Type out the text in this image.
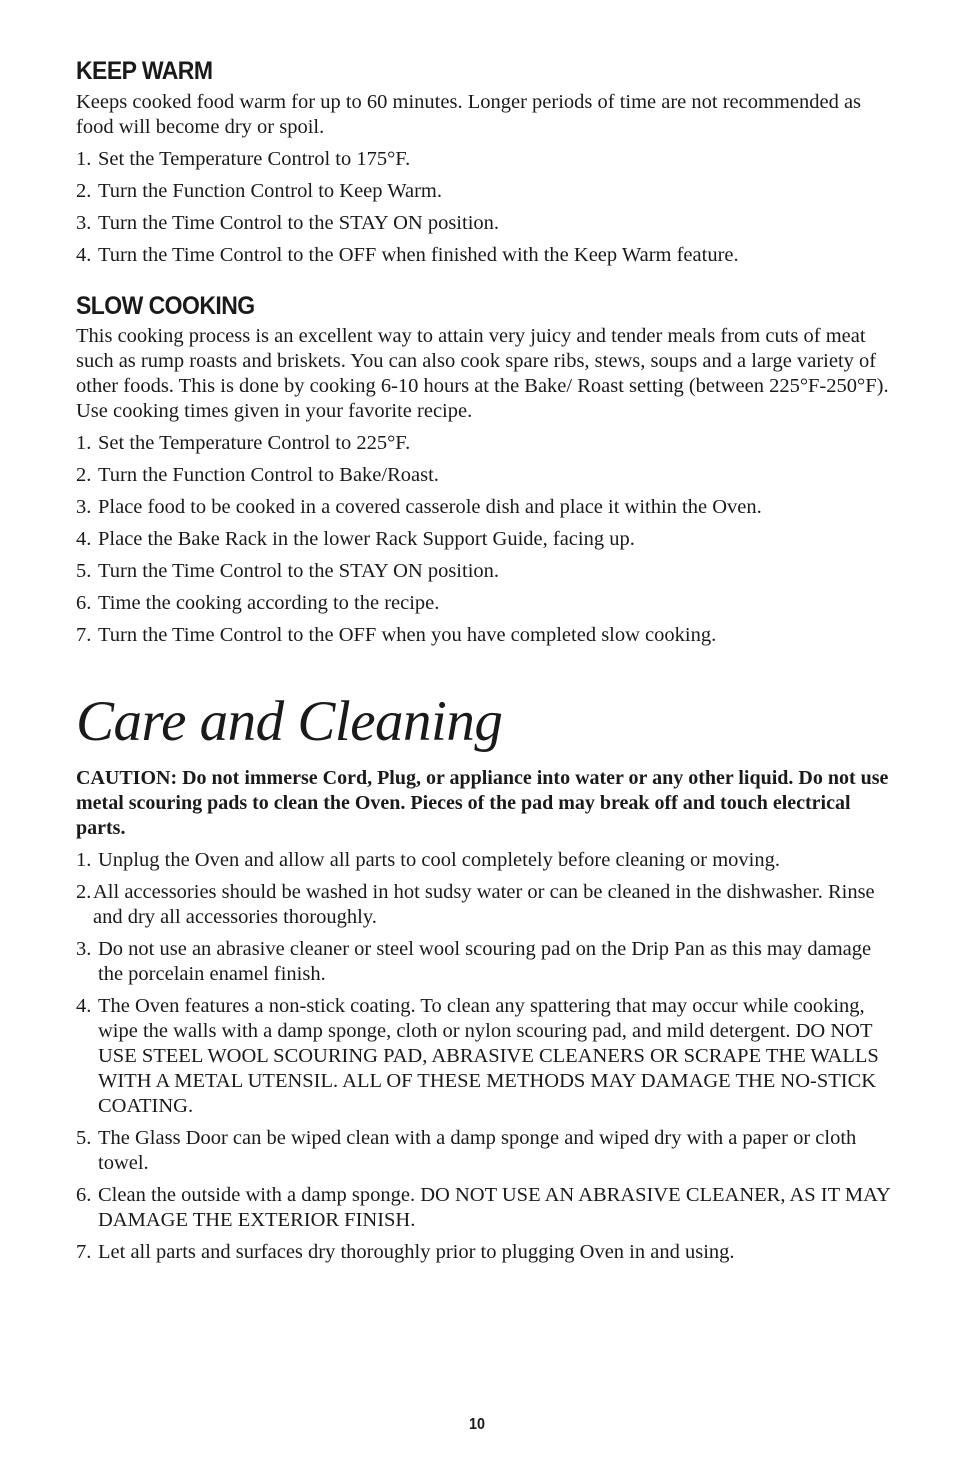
KEEP WARM

Keeps cooked food warm for up to 60 minutes. Longer periods of time are not recommended as food will become dry or spoil.

1. Set the Temperature Control to 175°F.
2. Turn the Function Control to Keep Warm.
3. Turn the Time Control to the STAY ON position.
4. Turn the Time Control to the OFF when finished with the Keep Warm feature.
SLOW COOKING

This cooking process is an excellent way to attain very juicy and tender meals from cuts of meat such as rump roasts and briskets. You can also cook spare ribs, stews, soups and a large variety of other foods. This is done by cooking 6-10 hours at the Bake/ Roast setting (between 225°F-250°F). Use cooking times given in your favorite recipe.

1. Set the Temperature Control to 225°F.
2. Turn the Function Control to Bake/Roast.
3. Place food to be cooked in a covered casserole dish and place it within the Oven.
4. Place the Bake Rack in the lower Rack Support Guide, facing up.
5. Turn the Time Control to the STAY ON position.
6. Time the cooking according to the recipe.
7. Turn the Time Control to the OFF when you have completed slow cooking.
Care and Cleaning

CAUTION: Do not immerse Cord, Plug, or appliance into water or any other liquid. Do not use metal scouring pads to clean the Oven. Pieces of the pad may break off and touch electrical parts.

1. Unplug the Oven and allow all parts to cool completely before cleaning or moving.
2. All accessories should be washed in hot sudsy water or can be cleaned in the dishwasher. Rinse and dry all accessories thoroughly.
3. Do not use an abrasive cleaner or steel wool scouring pad on the Drip Pan as this may damage the porcelain enamel finish.
4. The Oven features a non-stick coating. To clean any spattering that may occur while cooking, wipe the walls with a damp sponge, cloth or nylon scouring pad, and mild detergent. DO NOT USE STEEL WOOL SCOURING PAD, ABRASIVE CLEANERS OR SCRAPE THE WALLS WITH A METAL UTENSIL. ALL OF THESE METHODS MAY DAMAGE THE NO-STICK COATING.
5. The Glass Door can be wiped clean with a damp sponge and wiped dry with a paper or cloth towel.
6. Clean the outside with a damp sponge. DO NOT USE AN ABRASIVE CLEANER, AS IT MAY DAMAGE THE EXTERIOR FINISH.
7. Let all parts and surfaces dry thoroughly prior to plugging Oven in and using.
10
